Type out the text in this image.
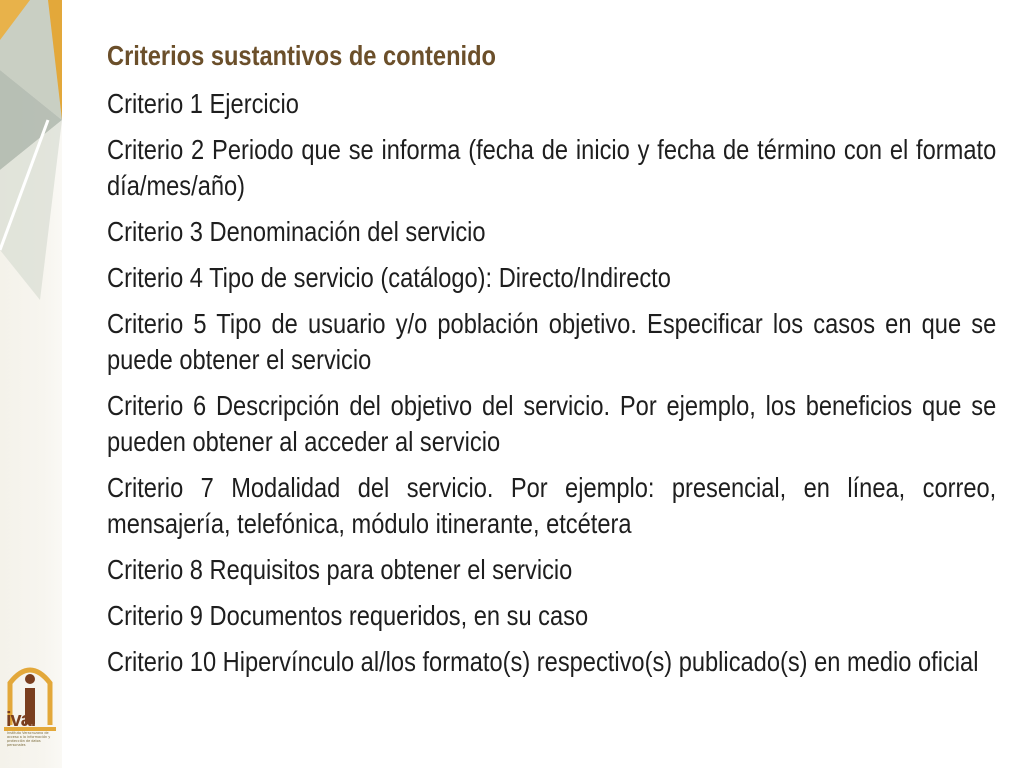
ivai
Instituto Veracruzano de acceso a la información y protección de datos personales
Criterios sustantivos de contenido
Criterio 1 Ejercicio
Criterio 2 Periodo que se informa (fecha de inicio y fecha de término con el formato día/mes/año)
Criterio 3 Denominación del servicio
Criterio 4 Tipo de servicio (catálogo): Directo/Indirecto
Criterio 5 Tipo de usuario y/o población objetivo. Especificar los casos en que se puede obtener el servicio
Criterio 6 Descripción del objetivo del servicio. Por ejemplo, los beneficios que se pueden obtener al acceder al servicio
Criterio 7 Modalidad del servicio. Por ejemplo: presencial, en línea, correo, mensajería, telefónica, módulo itinerante, etcétera
Criterio 8 Requisitos para obtener el servicio
Criterio 9 Documentos requeridos, en su caso
Criterio 10 Hipervínculo al/los formato(s) respectivo(s) publicado(s) en medio oficial
